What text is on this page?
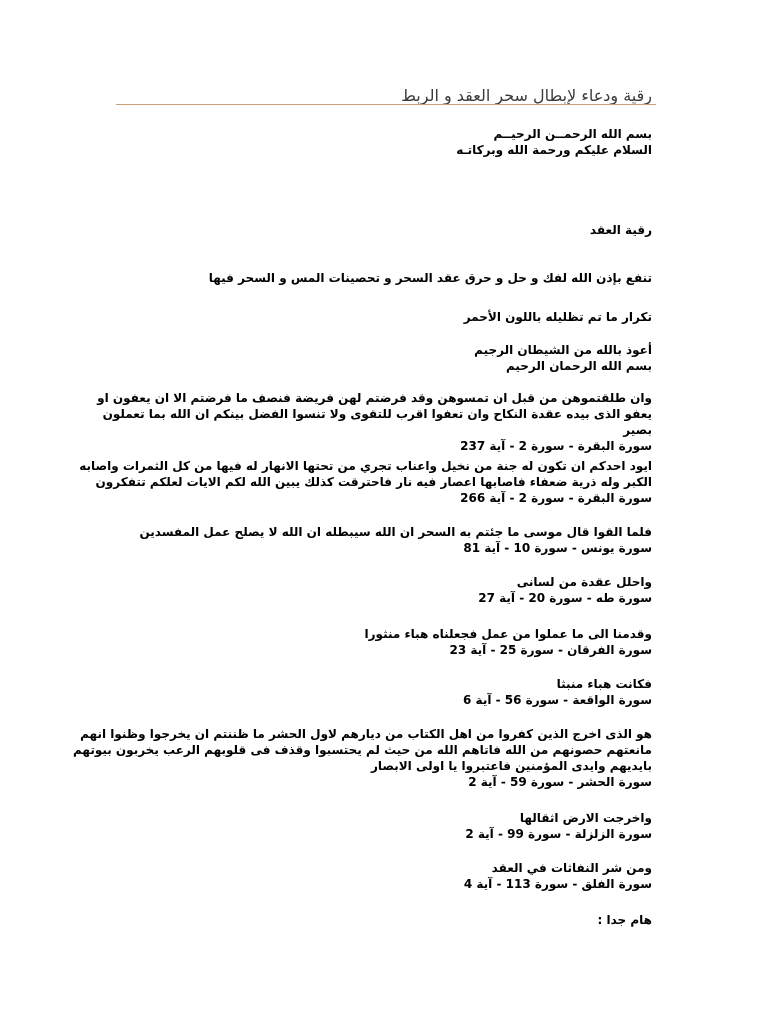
رقية ودعاء لإبطال سحر العقد و الربط

بسم الله الرحمــن الرحيــم

السلام عليكم ورحمة الله وبركاتـه

رقية العقد

تنفع بإذن الله لفك و حل و حرق عقد السحر و تحصينات المس و السحر فيها

تكرار ما تم تظليله باللون الأحمر

أعوذ بالله من الشيطان الرجيم

بسم الله الرحمان الرحيم

وان طلقتموهن من قبل ان تمسوهن وقد فرضتم لهن فريضة فنصف ما فرضتم الا ان يعفون او يعفو الذى بيده عقدة النكاح وان تعفوا اقرب للتقوى ولا تنسوا الفضل بينكم ان الله بما تعملون بصير

سورة البقرة - سورة 2 - آية 237

ايود احدكم ان تكون له جنة من نخيل واعناب تجري من تحتها الانهار له فيها من كل الثمرات واصابه الكبر وله ذرية ضعفاء فاصابها اعصار فيه نار فاحترقت كذلك يبين الله لكم الايات لعلكم تتفكرون

سورة البقرة - سورة 2 - آية 266

فلما القوا قال موسى ما جئتم به السحر ان الله سيبطله ان الله لا يصلح عمل المفسدين

سورة يونس - سورة 10 - آية 81

واحلل عقدة من لسانى

سورة طه - سورة 20 - آية 27

وقدمنا الى ما عملوا من عمل فجعلناه هباء منثورا

سورة الفرقان - سورة 25 - آية 23

فكانت هباء منبثا

سورة الواقعة - سورة 56 - آية 6

هو الذى اخرج الذين كفروا من اهل الكتاب من ديارهم لاول الحشر ما ظننتم ان يخرجوا وظنوا انهم مانعتهم حصونهم من الله فاتاهم الله من حيث لم يحتسبوا وقذف فى قلوبهم الرعب يخربون بيوتهم بايديهم وايدى المؤمنين فاعتبروا يا اولى الابصار

سورة الحشر - سورة 59 - آية 2

واخرجت الارض اثقالها

سورة الزلزلة - سورة 99 - آية 2

ومن شر النفاثات في العقد

سورة الفلق - سورة 113 - آية 4

هام جدا :
